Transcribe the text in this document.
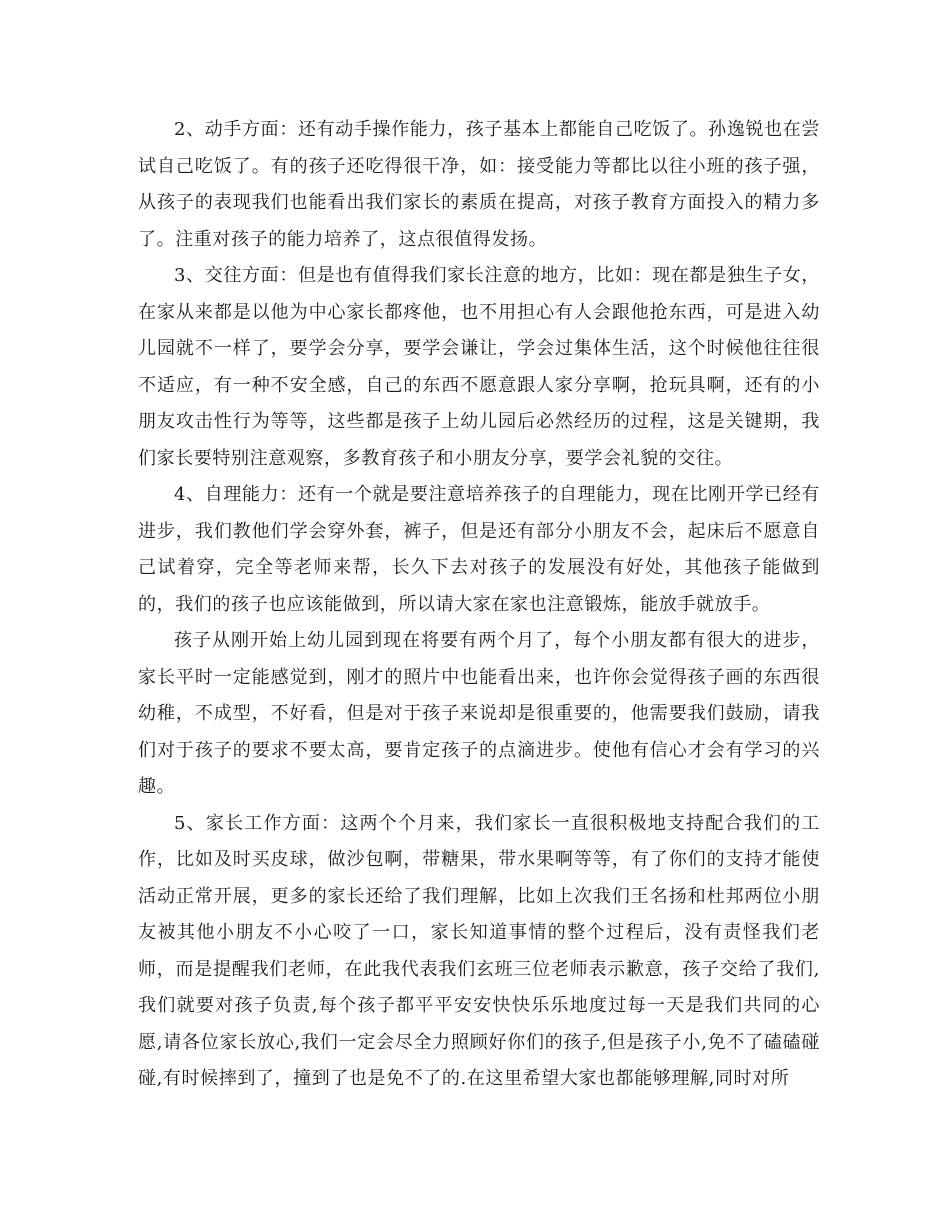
2、动手方面：还有动手操作能力，孩子基本上都能自己吃饭了。孙逸锐也在尝试自己吃饭了。有的孩子还吃得很干净，如：接受能力等都比以往小班的孩子强，从孩子的表现我们也能看出我们家长的素质在提高，对孩子教育方面投入的精力多了。注重对孩子的能力培养了，这点很值得发扬。

3、交往方面：但是也有值得我们家长注意的地方，比如：现在都是独生子女，在家从来都是以他为中心家长都疼他，也不用担心有人会跟他抢东西，可是进入幼儿园就不一样了，要学会分享，要学会谦让，学会过集体生活，这个时候他往往很不适应，有一种不安全感，自己的东西不愿意跟人家分享啊，抢玩具啊，还有的小朋友攻击性行为等等，这些都是孩子上幼儿园后必然经历的过程，这是关键期，我们家长要特别注意观察，多教育孩子和小朋友分享，要学会礼貌的交往。

4、自理能力：还有一个就是要注意培养孩子的自理能力，现在比刚开学已经有进步，我们教他们学会穿外套，裤子，但是还有部分小朋友不会，起床后不愿意自己试着穿，完全等老师来帮，长久下去对孩子的发展没有好处，其他孩子能做到的，我们的孩子也应该能做到，所以请大家在家也注意锻炼，能放手就放手。

孩子从刚开始上幼儿园到现在将要有两个月了，每个小朋友都有很大的进步，家长平时一定能感觉到，刚才的照片中也能看出来，也许你会觉得孩子画的东西很幼稚，不成型，不好看，但是对于孩子来说却是很重要的，他需要我们鼓励，请我们对于孩子的要求不要太高，要肯定孩子的点滴进步。使他有信心才会有学习的兴趣。

5、家长工作方面：这两个个月来，我们家长一直很积极地支持配合我们的工作，比如及时买皮球，做沙包啊，带糖果，带水果啊等等，有了你们的支持才能使活动正常开展，更多的家长还给了我们理解，比如上次我们王名扬和杜邦两位小朋友被其他小朋友不小心咬了一口，家长知道事情的整个过程后，没有责怪我们老师，而是提醒我们老师，在此我代表我们玄班三位老师表示歉意，孩子交给了我们,我们就要对孩子负责,每个孩子都平平安安快快乐乐地度过每一天是我们共同的心愿,请各位家长放心,我们一定会尽全力照顾好你们的孩子,但是孩子小,免不了磕磕碰碰,有时候摔到了，撞到了也是免不了的.在这里希望大家也都能够理解,同时对所
